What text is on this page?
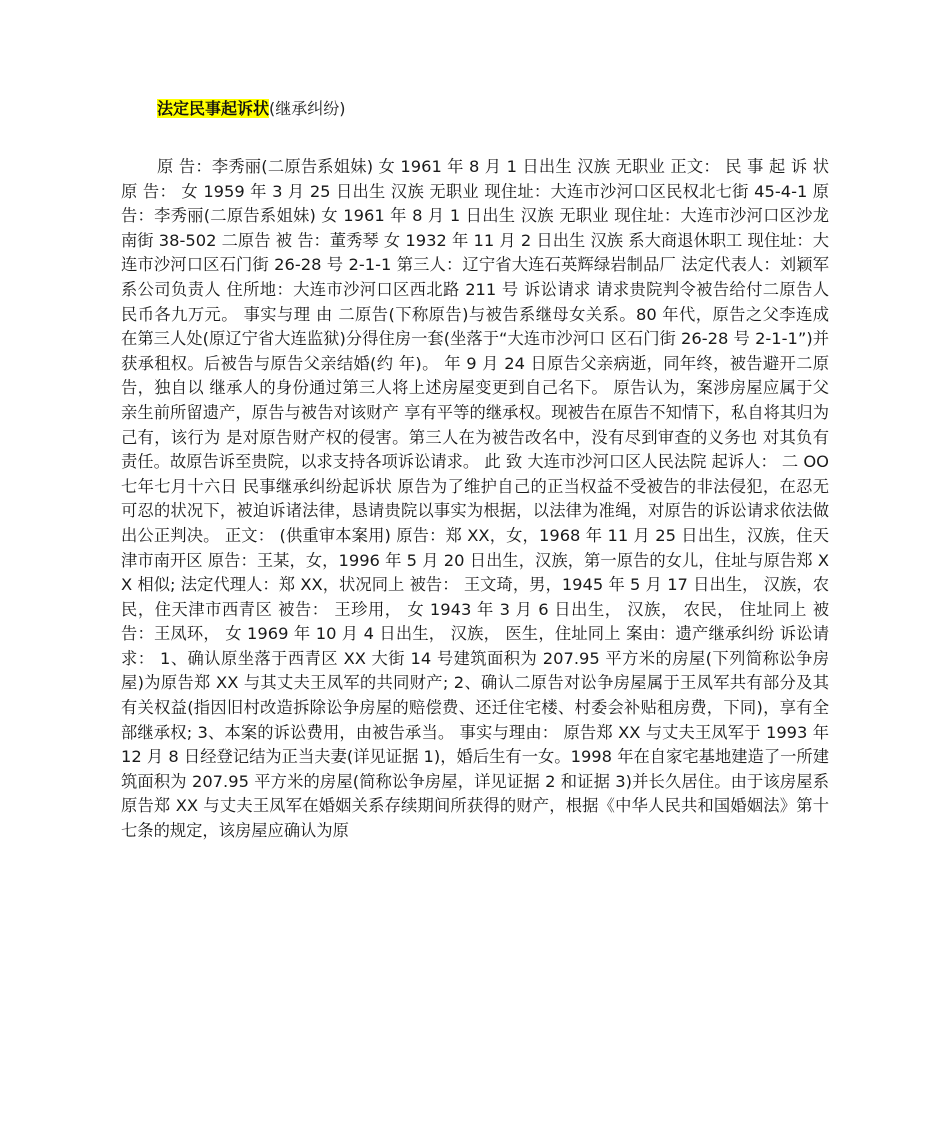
法定民事起诉状(继承纠纷)

原 告：李秀丽(二原告系姐妹) 女 1961 年 8 月 1 日出生 汉族 无职业 正文： 民 事 起 诉 状 原 告： 女 1959 年 3 月 25 日出生 汉族 无职业 现住址：大连市沙河口区民权北七街 45-4-1 原 告：李秀丽(二原告系姐妹) 女 1961 年 8 月 1 日出生 汉族 无职业 现住址：大连市沙河口区沙龙南街 38-502 二原告 被 告：董秀琴 女 1932 年 11 月 2 日出生 汉族 系大商退休职工 现住址：大连市沙河口区石门街 26-28 号 2-1-1 第三人：辽宁省大连石英辉绿岩制品厂 法定代表人：刘颖军 系公司负责人 住所地：大连市沙河口区西北路 211 号 诉讼请求 请求贵院判令被告给付二原告人民币各九万元。 事实与理 由 二原告(下称原告)与被告系继母女关系。80 年代，原告之父李连成 在第三人处(原辽宁省大连监狱)分得住房一套(坐落于“大连市沙河口 区石门街 26-28 号 2-1-1”)并获承租权。后被告与原告父亲结婚(约 年)。 年 9 月 24 日原告父亲病逝，同年终，被告避开二原告，独自以 继承人的身份通过第三人将上述房屋变更到自己名下。 原告认为，案涉房屋应属于父亲生前所留遗产，原告与被告对该财产 享有平等的继承权。现被告在原告不知情下，私自将其归为己有，该行为 是对原告财产权的侵害。第三人在为被告改名中，没有尽到审查的义务也 对其负有责任。故原告诉至贵院，以求支持各项诉讼请求。 此 致 大连市沙河口区人民法院 起诉人： 二 OO 七年七月十六日 民事继承纠纷起诉状 原告为了维护自己的正当权益不受被告的非法侵犯，在忍无可忍的状况下，被迫诉诸法律，恳请贵院以事实为根据，以法律为准绳，对原告的诉讼请求依法做出公正判决。 正文： (供重审本案用) 原告：郑 XX，女，1968 年 11 月 25 日出生，汉族，住天津市南开区 原告：王某，女，1996 年 5 月 20 日出生，汉族，第一原告的女儿，住址与原告郑 XX 相似; 法定代理人：郑 XX，状况同上 被告： 王文琦，男，1945 年 5 月 17 日出生， 汉族，农民，住天津市西青区 被告： 王珍用， 女 1943 年 3 月 6 日出生， 汉族， 农民， 住址同上 被告：王凤环， 女 1969 年 10 月 4 日出生， 汉族， 医生，住址同上 案由：遗产继承纠纷 诉讼请求： 1、确认原坐落于西青区 XX 大街 14 号建筑面积为 207.95 平方米的房屋(下列简称讼争房屋)为原告郑 XX 与其丈夫王凤军的共同财产; 2、确认二原告对讼争房屋属于王凤军共有部分及其有关权益(指因旧村改造拆除讼争房屋的赔偿费、还迁住宅楼、村委会补贴租房费，下同)，享有全部继承权; 3、本案的诉讼费用，由被告承当。 事实与理由： 原告郑 XX 与丈夫王凤军于 1993 年 12 月 8 日经登记结为正当夫妻(详见证据 1)，婚后生有一女。1998 年在自家宅基地建造了一所建筑面积为 207.95 平方米的房屋(简称讼争房屋，详见证据 2 和证据 3)并长久居住。由于该房屋系原告郑 XX 与丈夫王凤军在婚姻关系存续期间所获得的财产，根据《中华人民共和国婚姻法》第十七条的规定，该房屋应确认为原
